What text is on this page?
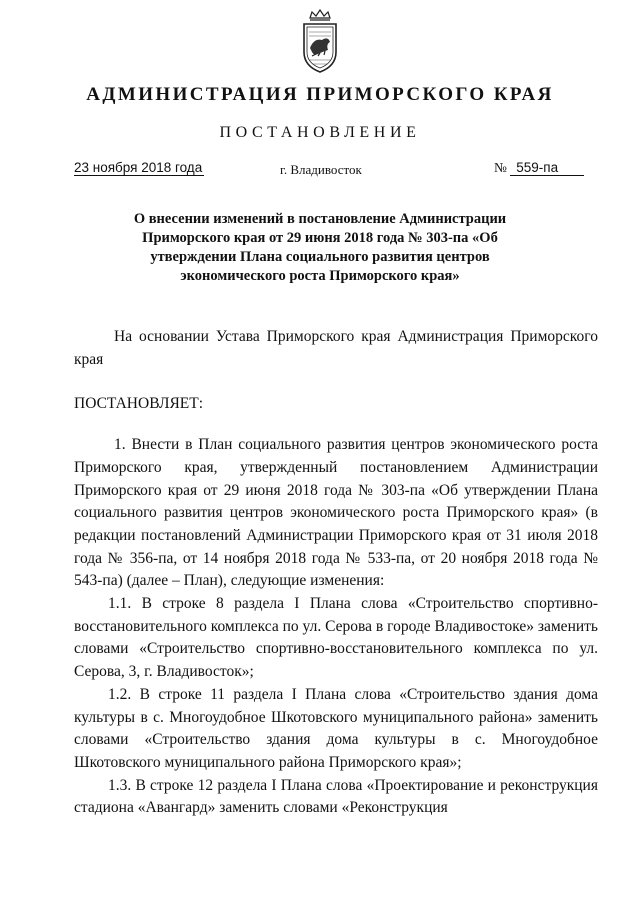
АДМИНИСТРАЦИЯ ПРИМОРСКОГО КРАЯ
ПОСТАНОВЛЕНИЕ
23 ноября 2018 года	г. Владивосток	№ 559-па
О внесении изменений в постановление Администрации Приморского края от 29 июня 2018 года № 303-па «Об утверждении Плана социального развития центров экономического роста Приморского края»

На основании Устава Приморского края Администрация Приморского края

ПОСТАНОВЛЯЕТ:

1. Внести в План социального развития центров экономического роста Приморского края, утвержденный постановлением Администрации Приморского края от 29 июня 2018 года № 303-па «Об утверждении Плана социального развития центров экономического роста Приморского края» (в редакции постановлений Администрации Приморского края от 31 июля 2018 года № 356-па, от 14 ноября 2018 года № 533-па, от 20 ноября 2018 года № 543-па) (далее – План), следующие изменения:

1.1. В строке 8 раздела I Плана слова «Строительство спортивно-восстановительного комплекса по ул. Серова в городе Владивостоке» заменить словами «Строительство спортивно-восстановительного комплекса по ул. Серова, 3, г. Владивосток»;

1.2. В строке 11 раздела I Плана слова «Строительство здания дома культуры в с. Многоудобное Шкотовского муниципального района» заменить словами «Строительство здания дома культуры в с. Многоудобное Шкотовского муниципального района Приморского края»;

1.3. В строке 12 раздела I Плана слова «Проектирование и реконструкция стадиона «Авангард» заменить словами «Реконструкция
